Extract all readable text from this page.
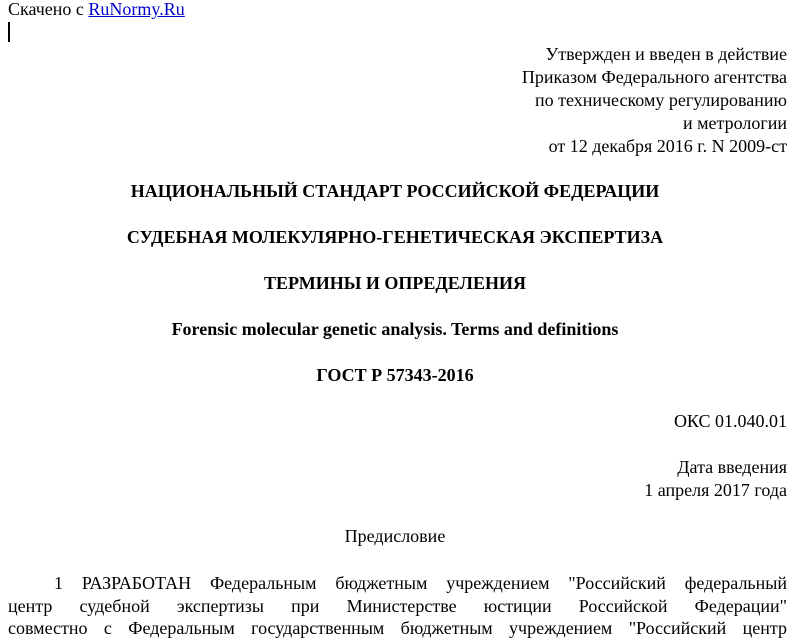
Скачено с RuNormy.Ru
Утвержден и введен в действие
Приказом Федерального агентства
по техническому регулированию
и метрологии
от 12 декабря 2016 г. N 2009-ст
НАЦИОНАЛЬНЫЙ СТАНДАРТ РОССИЙСКОЙ ФЕДЕРАЦИИ
СУДЕБНАЯ МОЛЕКУЛЯРНО-ГЕНЕТИЧЕСКАЯ ЭКСПЕРТИЗА
ТЕРМИНЫ И ОПРЕДЕЛЕНИЯ
Forensic molecular genetic analysis. Terms and definitions
ГОСТ Р 57343-2016
ОКС 01.040.01
Дата введения
1 апреля 2017 года
Предисловие
1 РАЗРАБОТАН Федеральным бюджетным учреждением "Российский федеральный
центр судебной экспертизы при Министерстве юстиции Российской Федерации"
совместно с Федеральным государственным бюджетным учреждением "Российский центр
